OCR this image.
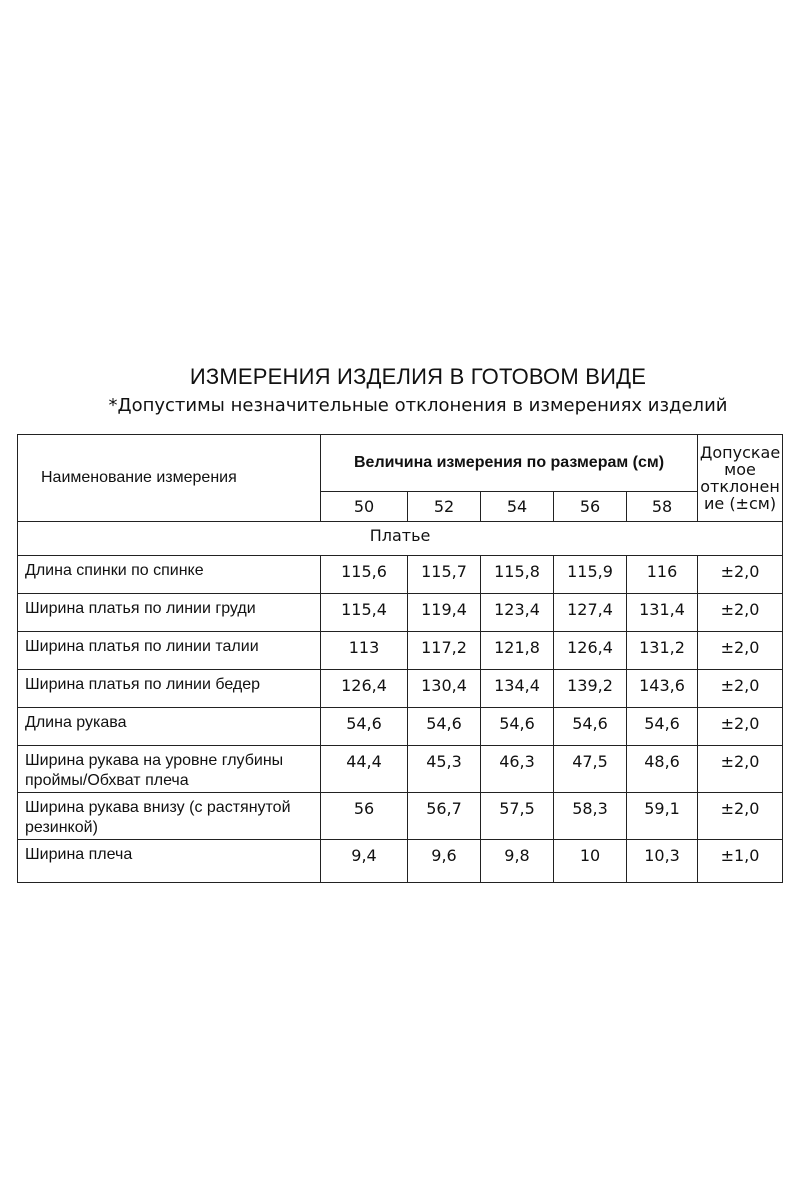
ИЗМЕРЕНИЯ ИЗДЕЛИЯ В ГОТОВОМ ВИДЕ
*Допустимы незначительные отклонения в измерениях изделий
Наименование измерения	Величина измерения по размерам (см)					Допускае мое отклонен ие (±см)
	50	52	54	56	58	
Платье						
Длина спинки по спинке	115,6	115,7	115,8	115,9	116	±2,0
Ширина платья по линии груди	115,4	119,4	123,4	127,4	131,4	±2,0
Ширина платья по линии талии	113	117,2	121,8	126,4	131,2	±2,0
Ширина платья по линии бедер	126,4	130,4	134,4	139,2	143,6	±2,0
Длина рукава	54,6	54,6	54,6	54,6	54,6	±2,0
Ширина рукава на уровне глубины проймы/Обхват плеча	44,4	45,3	46,3	47,5	48,6	±2,0
Ширина рукава внизу (с растянутой резинкой)	56	56,7	57,5	58,3	59,1	±2,0
Ширина плеча	9,4	9,6	9,8	10	10,3	±1,0
